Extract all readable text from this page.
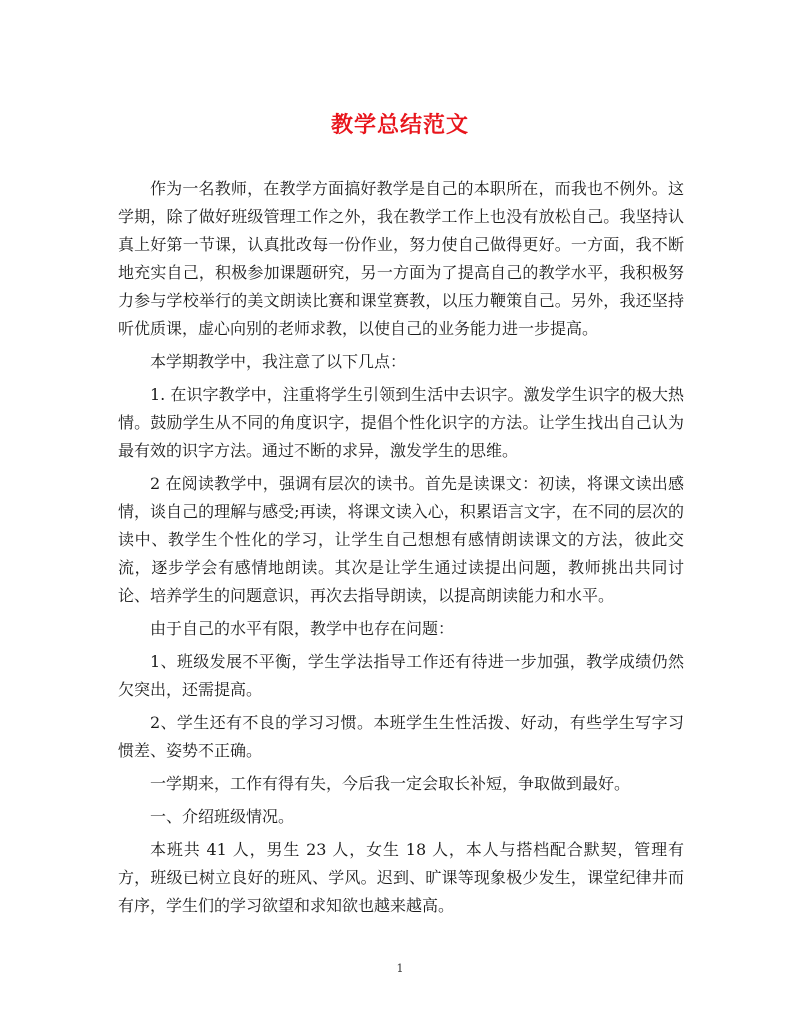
教学总结范文

作为一名教师，在教学方面搞好教学是自己的本职所在，而我也不例外。这学期，除了做好班级管理工作之外，我在教学工作上也没有放松自己。我坚持认真上好第一节课，认真批改每一份作业，努力使自己做得更好。一方面，我不断地充实自己，积极参加课题研究，另一方面为了提高自己的教学水平，我积极努力参与学校举行的美文朗读比赛和课堂赛教，以压力鞭策自己。另外，我还坚持听优质课，虚心向别的老师求教，以使自己的业务能力进一步提高。

本学期教学中，我注意了以下几点：

1. 在识字教学中，注重将学生引领到生活中去识字。激发学生识字的极大热情。鼓励学生从不同的角度识字，提倡个性化识字的方法。让学生找出自己认为最有效的识字方法。通过不断的求异，激发学生的思维。

2 在阅读教学中，强调有层次的读书。首先是读课文：初读，将课文读出感情，谈自己的理解与感受;再读，将课文读入心，积累语言文字，在不同的层次的读中、教学生个性化的学习，让学生自己想想有感情朗读课文的方法，彼此交流，逐步学会有感情地朗读。其次是让学生通过读提出问题，教师挑出共同讨论、培养学生的问题意识，再次去指导朗读，以提高朗读能力和水平。

由于自己的水平有限，教学中也存在问题：

1、班级发展不平衡，学生学法指导工作还有待进一步加强，教学成绩仍然欠突出，还需提高。

2、学生还有不良的学习习惯。本班学生生性活拨、好动，有些学生写字习惯差、姿势不正确。

一学期来，工作有得有失，今后我一定会取长补短，争取做到最好。

一、介绍班级情况。

本班共 41 人，男生 23 人，女生 18 人，本人与搭档配合默契，管理有方，班级已树立良好的班风、学风。迟到、旷课等现象极少发生，课堂纪律井而有序，学生们的学习欲望和求知欲也越来越高。

1
